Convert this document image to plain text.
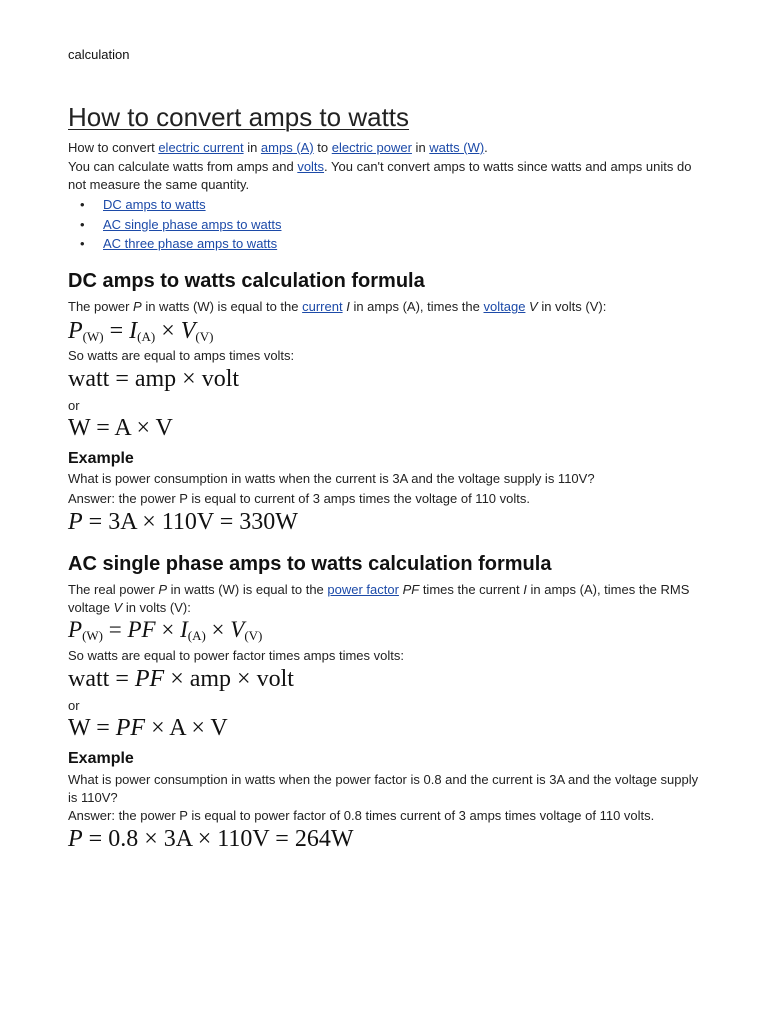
calculation
How to convert amps to watts
How to convert electric current in amps (A) to electric power in watts (W).
You can calculate watts from amps and volts. You can't convert amps to watts since watts and amps units do not measure the same quantity.
• DC amps to watts
• AC single phase amps to watts
• AC three phase amps to watts
DC amps to watts calculation formula
The power P in watts (W) is equal to the current I in amps (A), times the voltage V in volts (V):
$P_{(W)} = I_{(A)} \times V_{(V)}$
So watts are equal to amps times volts:
watt = amp × volt
or
W = A × V
Example
What is power consumption in watts when the current is 3A and the voltage supply is 110V?
Answer: the power P is equal to current of 3 amps times the voltage of 110 volts.
P = 3A × 110V = 330W
AC single phase amps to watts calculation formula
The real power P in watts (W) is equal to the power factor PF times the current I in amps (A), times the RMS voltage V in volts (V):
$P_{(W)}$ = PF × $I_{(A)} \times V_{(V)}$
So watts are equal to power factor times amps times volts:
watt = PF × amp × volt
or
W = PF × A × V
Example
What is power consumption in watts when the power factor is 0.8 and the current is 3A and the voltage supply is 110V?
Answer: the power P is equal to power factor of 0.8 times current of 3 amps times voltage of 110 volts.
P = 0.8 × 3A × 110V = 264W
